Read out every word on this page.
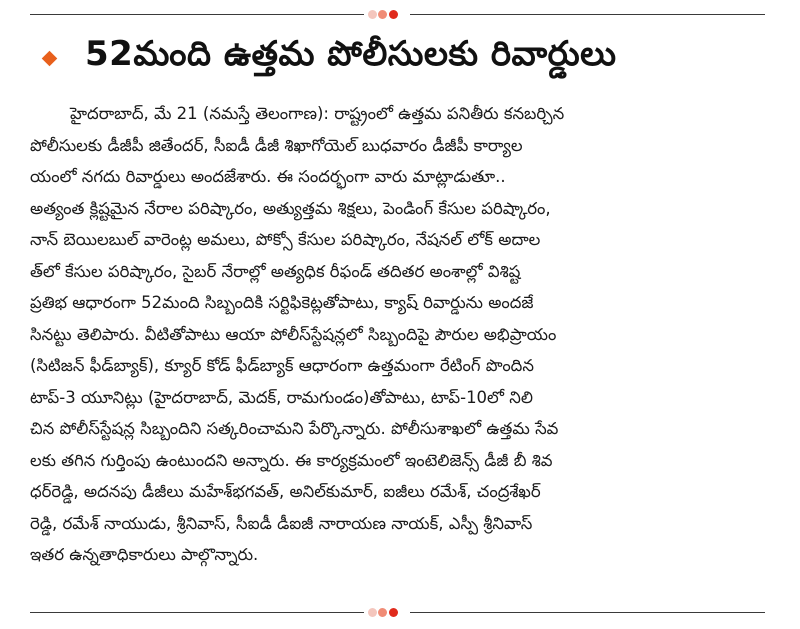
52మంది ఉత్తమ పోలీసులకు రివార్డులు
హైదరాబాద్, మే 21 (నమస్తే తెలంగాణ): రాష్ట్రంలో ఉత్తమ పనితీరు కనబర్చిన
పోలీసులకు డీజీపీ జితేందర్, సీఐడీ డీజీ శిఖాగోయెల్ బుధవారం డీజీపీ కార్యాల
యంలో నగదు రివార్డులు అందజేశారు. ఈ సందర్భంగా వారు మాట్లాడుతూ..
అత్యంత క్లిష్టమైన నేరాల పరిష్కారం, అత్యుత్తమ శిక్షలు, పెండింగ్ కేసుల పరిష్కారం,
నాన్ బెయిలబుల్ వారెంట్ల అమలు, పోక్సో కేసుల పరిష్కారం, నేషనల్ లోక్ అదాల
త్‌లో కేసుల పరిష్కారం, సైబర్ నేరాల్లో అత్యధిక రీఫండ్ తదితర అంశాల్లో విశిష్ట
ప్రతిభ ఆధారంగా 52మంది సిబ్బందికి సర్టిఫికెట్లతోపాటు, క్యాష్ రివార్డును అందజే
సినట్టు తెలిపారు. వీటితోపాటు ఆయా పోలీస్‌స్టేషన్లలో సిబ్బందిపై పౌరుల అభిప్రాయం
(సిటిజన్ ఫీడ్‌బ్యాక్), క్యూర్ కోడ్ ఫీడ్‌బ్యాక్ ఆధారంగా ఉత్తమంగా రేటింగ్ పొందిన
టాప్-3 యూనిట్లు (హైదరాబాద్, మెదక్, రామగుండం)తోపాటు, టాప్-10లో నిలి
చిన పోలీస్‌స్టేషన్ల సిబ్బందిని సత్కరించామని పేర్కొన్నారు. పోలీసుశాఖలో ఉత్తమ సేవ
లకు తగిన గుర్తింపు ఉంటుందని అన్నారు. ఈ కార్యక్రమంలో ఇంటెలిజెన్స్ డీజీ బీ శివ
ధర్‌రెడ్డి, అదనపు డీజీలు మహేశ్‌భగవత్, అనిల్‌కుమార్, ఐజీలు రమేశ్, చంద్రశేఖర్
రెడ్డి, రమేశ్ నాయుడు, శ్రీనివాస్, సీఐడీ డీఐజీ నారాయణ నాయక్, ఎస్పీ శ్రీనివాస్
ఇతర ఉన్నతాధికారులు పాల్గొన్నారు.
